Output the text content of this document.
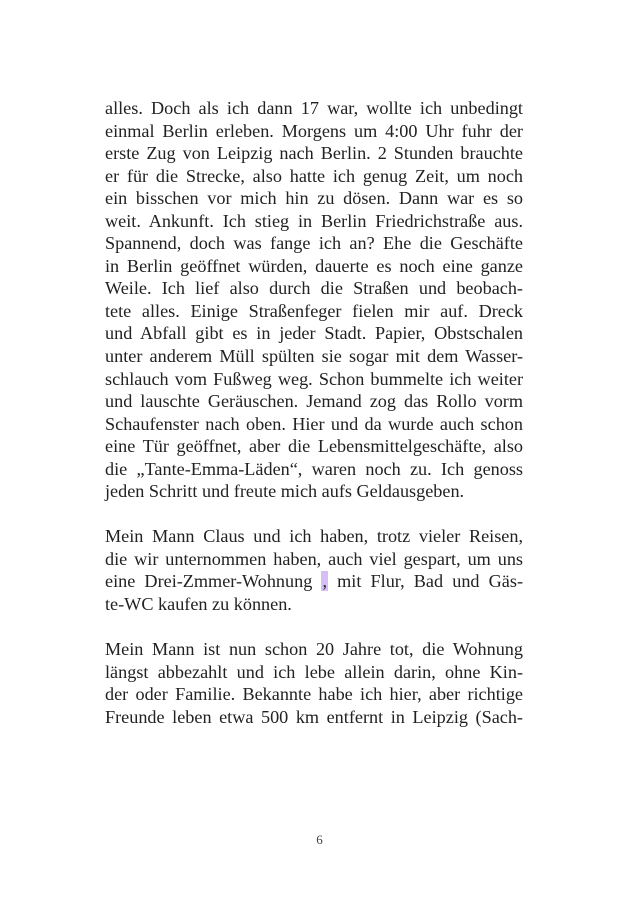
alles. Doch als ich dann 17 war, wollte ich unbedingt
einmal Berlin erleben. Morgens um 4:00 Uhr fuhr der
erste Zug von Leipzig nach Berlin. 2 Stunden brauchte
er für die Strecke, also hatte ich genug Zeit, um noch
ein bisschen vor mich hin zu dösen. Dann war es so
weit. Ankunft. Ich stieg in Berlin Friedrichstraße aus.
Spannend, doch was fange ich an? Ehe die Geschäfte
in Berlin geöffnet würden, dauerte es noch eine ganze
Weile. Ich lief also durch die Straßen und beobach-
tete alles. Einige Straßenfeger fielen mir auf. Dreck
und Abfall gibt es in jeder Stadt. Papier, Obstschalen
unter anderem Müll spülten sie sogar mit dem Wasser-
schlauch vom Fußweg weg. Schon bummelte ich weiter
und lauschte Geräuschen. Jemand zog das Rollo vorm
Schaufenster nach oben. Hier und da wurde auch schon
eine Tür geöffnet, aber die Lebensmittelgeschäfte, also
die „Tante-Emma-Läden“, waren noch zu. Ich genoss
jeden Schritt und freute mich aufs Geldausgeben.
Mein Mann Claus und ich haben, trotz vieler Reisen,
die wir unternommen haben, auch viel gespart, um uns
eine Drei-Zmmer-Wohnung , mit Flur, Bad und Gäs-
te-WC kaufen zu können.
Mein Mann ist nun schon 20 Jahre tot, die Wohnung
längst abbezahlt und ich lebe allein darin, ohne Kin-
der oder Familie. Bekannte habe ich hier, aber richtige
Freunde leben etwa 500 km entfernt in Leipzig (Sach-
6
